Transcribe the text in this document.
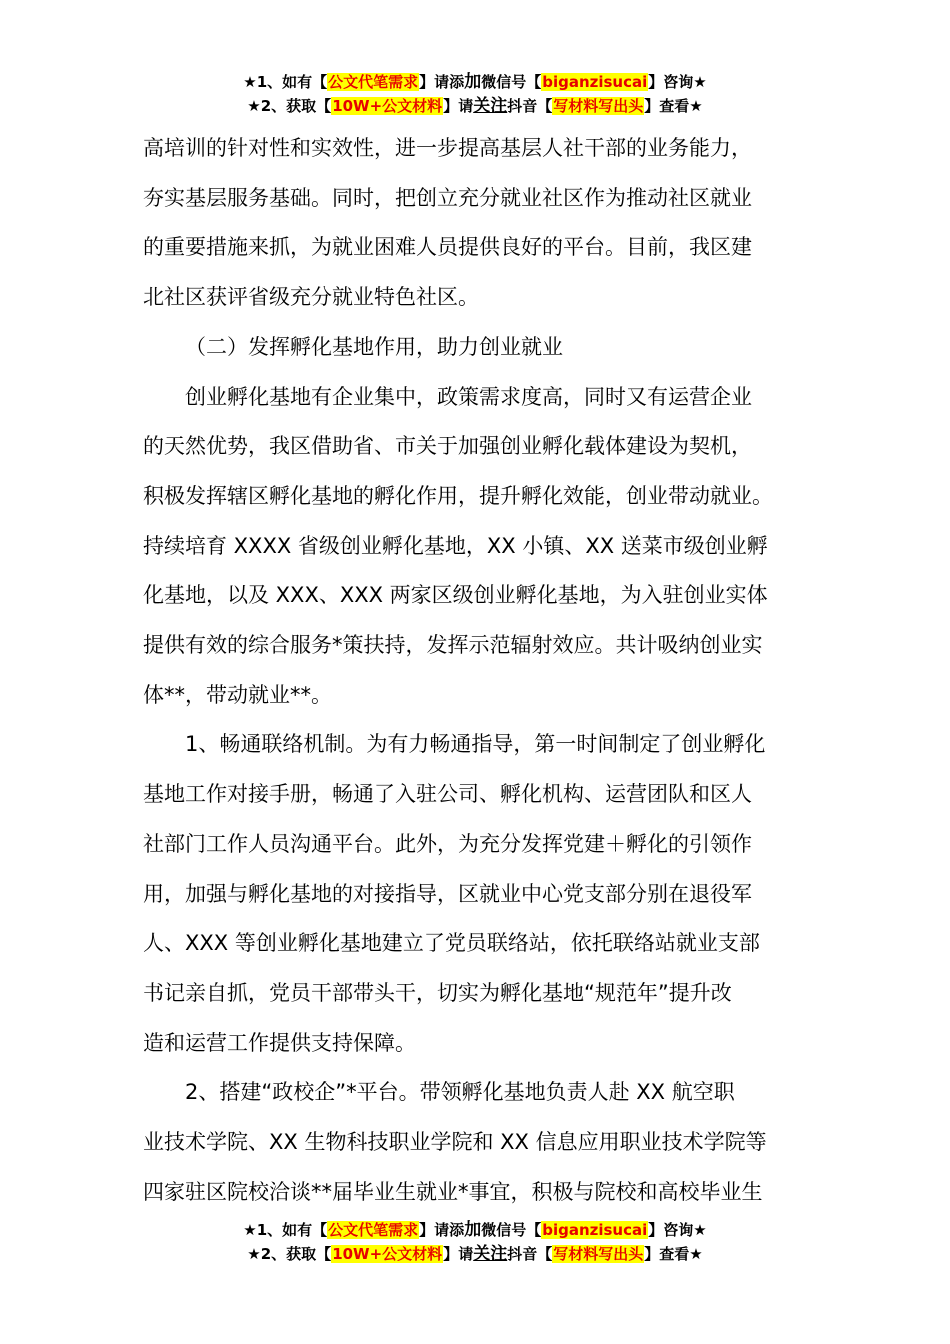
★1、如有【公文代笔需求】请添加微信号【biganzisucai】咨询★
★2、获取【10W+公文材料】请关注抖音【写材料写出头】查看★

高培训的针对性和实效性，进一步提高基层人社干部的业务能力，

夯实基层服务基础。同时，把创立充分就业社区作为推动社区就业

的重要措施来抓，为就业困难人员提供良好的平台。目前，我区建

北社区获评省级充分就业特色社区。

（二）发挥孵化基地作用，助力创业就业

创业孵化基地有企业集中，政策需求度高，同时又有运营企业

的天然优势，我区借助省、市关于加强创业孵化载体建设为契机，

积极发挥辖区孵化基地的孵化作用，提升孵化效能，创业带动就业。

持续培育 XXXX 省级创业孵化基地，XX 小镇、XX 送菜市级创业孵

化基地，以及 XXX、XXX 两家区级创业孵化基地，为入驻创业实体

提供有效的综合服务*策扶持，发挥示范辐射效应。共计吸纳创业实

体**，带动就业**。

1、畅通联络机制。为有力畅通指导，第一时间制定了创业孵化

基地工作对接手册，畅通了入驻公司、孵化机构、运营团队和区人

社部门工作人员沟通平台。此外，为充分发挥党建＋孵化的引领作

用，加强与孵化基地的对接指导，区就业中心党支部分别在退役军

人、XXX 等创业孵化基地建立了党员联络站，依托联络站就业支部

书记亲自抓，党员干部带头干，切实为孵化基地“规范年”提升改

造和运营工作提供支持保障。

2、搭建“政校企”*平台。带领孵化基地负责人赴 XX 航空职

业技术学院、XX 生物科技职业学院和 XX 信息应用职业技术学院等

四家驻区院校洽谈**届毕业生就业*事宜，积极与院校和高校毕业生

★1、如有【公文代笔需求】请添加微信号【biganzisucai】咨询★
★2、获取【10W+公文材料】请关注抖音【写材料写出头】查看★
